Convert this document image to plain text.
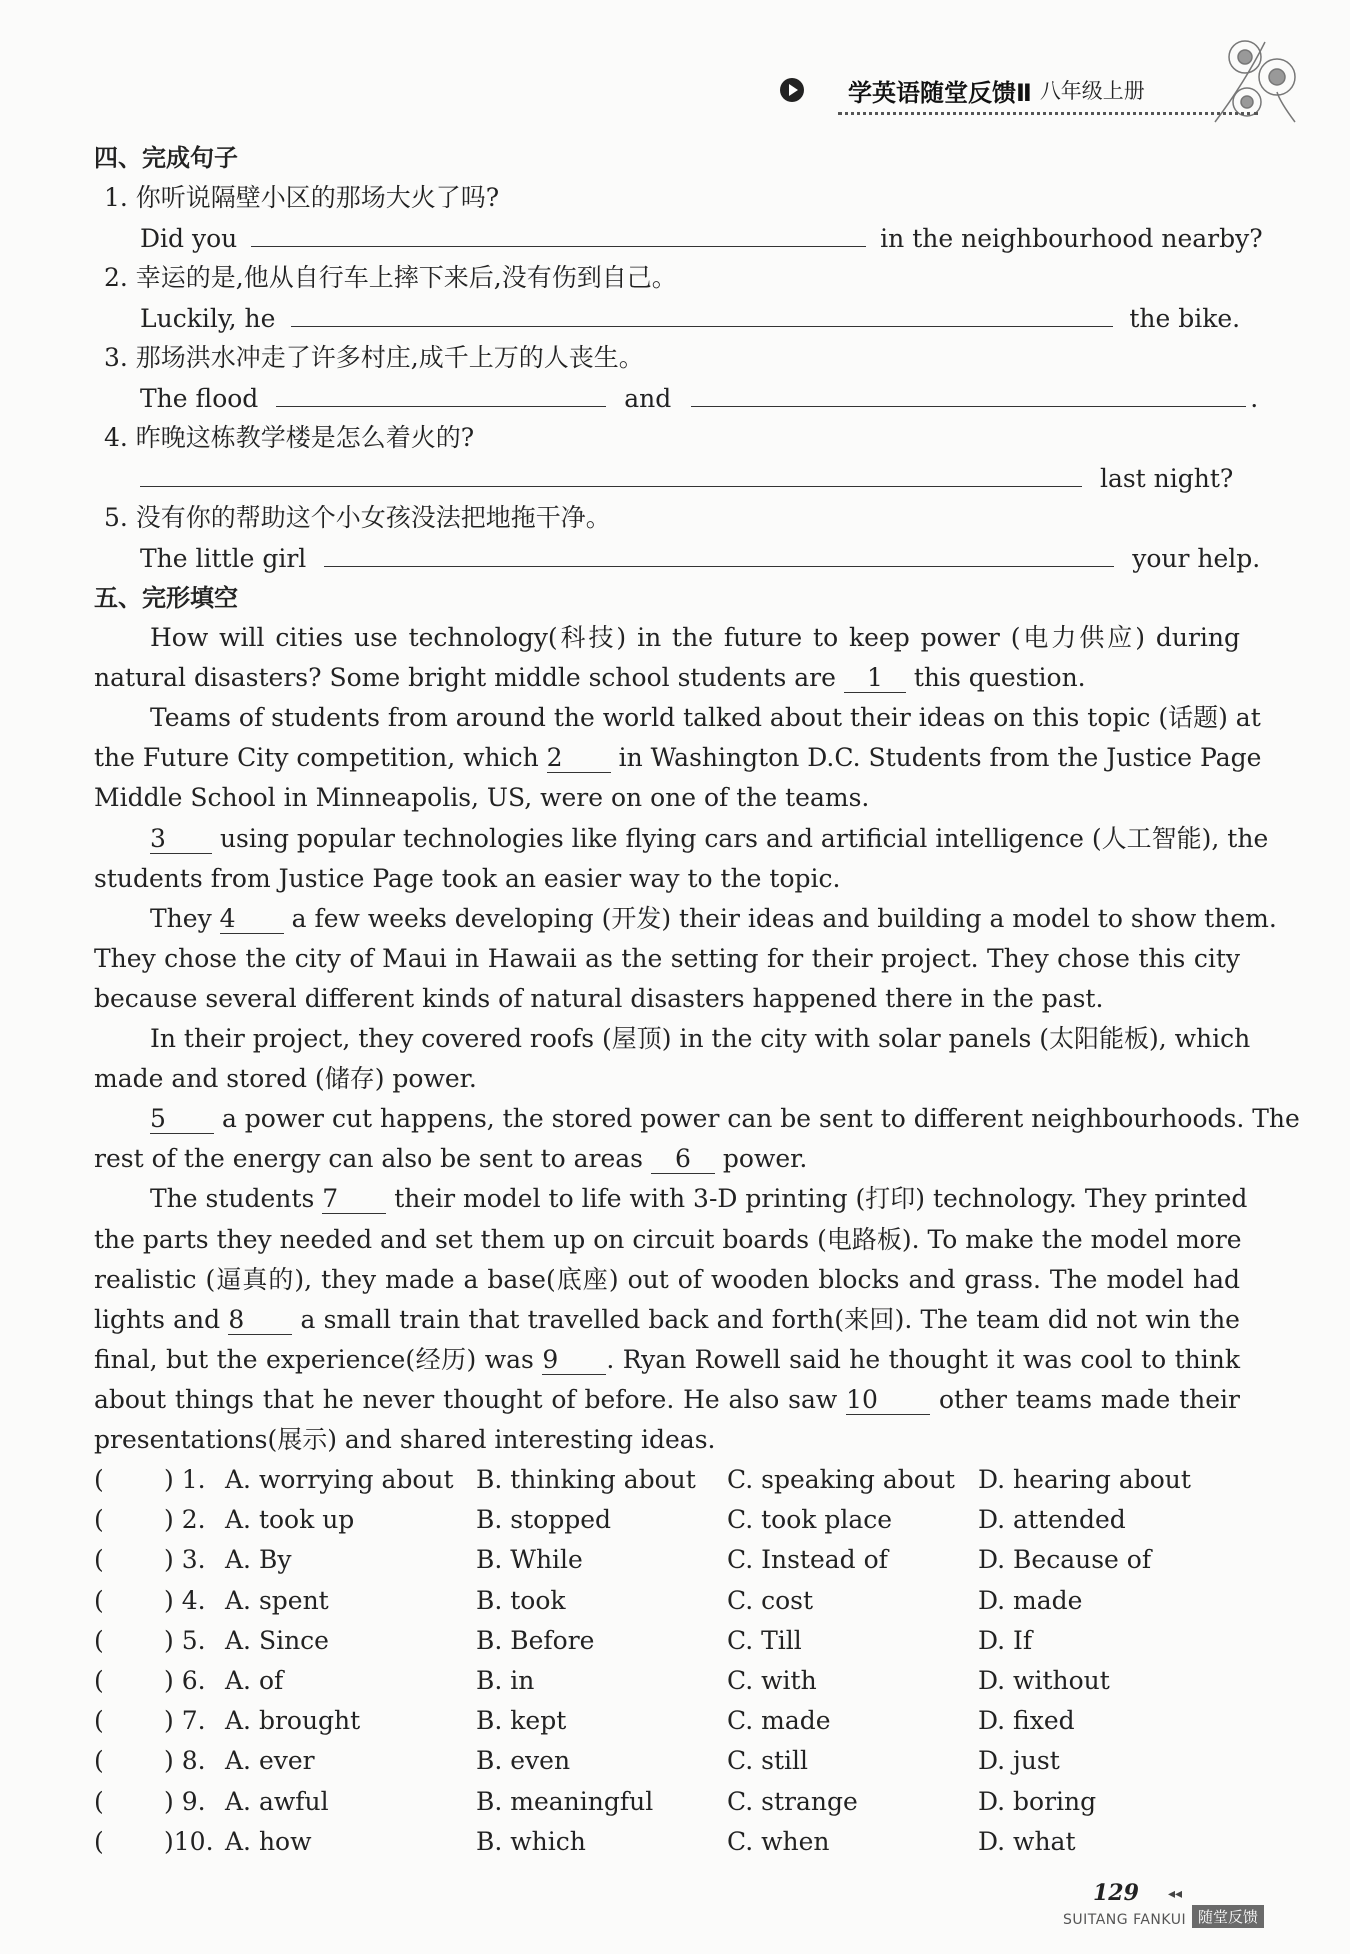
学英语随堂反馈Ⅱ 八年级上册
四、完成句子
1. 你听说隔壁小区的那场大火了吗?
Did you	in the neighbourhood nearby?
2. 幸运的是,他从自行车上摔下来后,没有伤到自己。
Luckily, he	the bike.
3. 那场洪水冲走了许多村庄,成千上万的人丧生。
The flood	and	.
4. 昨晚这栋教学楼是怎么着火的?
last night?
5. 没有你的帮助这个小女孩没法把地拖干净。
The little girl	your help.
五、完形填空
How will cities use technology(科技) in the future to keep power (电力供应) during
natural disasters? Some bright middle school students are 1 this question.
Teams of students from around the world talked about their ideas on this topic (话题) at
the Future City competition, which 2 in Washington D.C. Students from the Justice Page
Middle School in Minneapolis, US, were on one of the teams.
3 using popular technologies like flying cars and artificial intelligence (人工智能), the
students from Justice Page took an easier way to the topic.
They 4 a few weeks developing (开发) their ideas and building a model to show them.
They chose the city of Maui in Hawaii as the setting for their project. They chose this city
because several different kinds of natural disasters happened there in the past.
In their project, they covered roofs (屋顶) in the city with solar panels (太阳能板), which
made and stored (储存) power.
5 a power cut happens, the stored power can be sent to different neighbourhoods. The
rest of the energy can also be sent to areas 6 power.
The students 7 their model to life with 3-D printing (打印) technology. They printed
the parts they needed and set them up on circuit boards (电路板). To make the model more
realistic (逼真的), they made a base(底座) out of wooden blocks and grass. The model had
lights and 8 a small train that travelled back and forth(来回). The team did not win the
final, but the experience(经历) was 9 . Ryan Rowell said he thought it was cool to think
about things that he never thought of before. He also saw 10 other teams made their
presentations(展示) and shared interesting ideas.
( ) 1. A. worrying about B. thinking about C. speaking about D. hearing about
( ) 2. A. took up	B. stopped	C. took place	D. attended
( ) 3. A. By	B. While	C. Instead of	D. Because of
( ) 4. A. spent	B. took	C. cost	D. made
( ) 5. A. Since	B. Before	C. Till	D. If
( ) 6. A. of	B. in	C. with	D. without
( ) 7. A. brought	B. kept	C. made	D. fixed
( ) 8. A. ever	B. even	C. still	D. just
( ) 9. A. awful	B. meaningful	C. strange	D. boring
( )10. A. how	B. which	C. when	D. what
129 ◂◂
SUITANG FANKUI 随堂反馈
